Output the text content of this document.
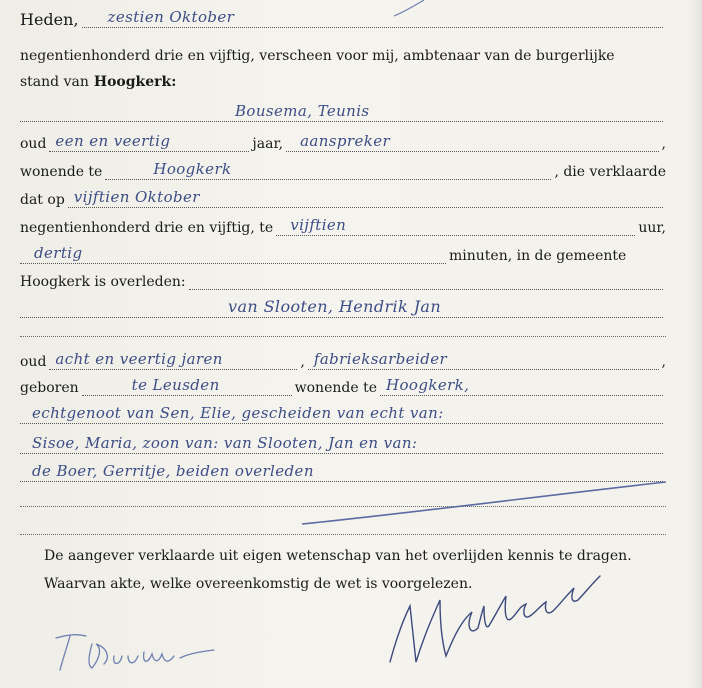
Heden, zestien Oktober
negentienhonderd drie en vijftig, verscheen voor mij, ambtenaar van de burgerlijke
stand van Hoogkerk:
Bousema, Teunis
oud een en veertig	jaar, aanspreker	,
wonende te	Hoogkerk	, die verklaarde
dat op vijftien Oktober
negentienhonderd drie en vijftig, te vijftien	uur,
dertig	minuten, in de gemeente
Hoogkerk is overleden:
van Slooten, Hendrik Jan
oud acht en veertig jaren	, fabrieksarbeider	,
geboren	te Leusden	wonende te Hoogkerk,
echtgenoot van Sen, Elie, gescheiden van echt van:
Sisoe, Maria, zoon van: van Slooten, Jan en van:
de Boer, Gerritje, beiden overleden
De aangever verklaarde uit eigen wetenschap van het overlijden kennis te dragen.
Waarvan akte, welke overeenkomstig de wet is voorgelezen.
